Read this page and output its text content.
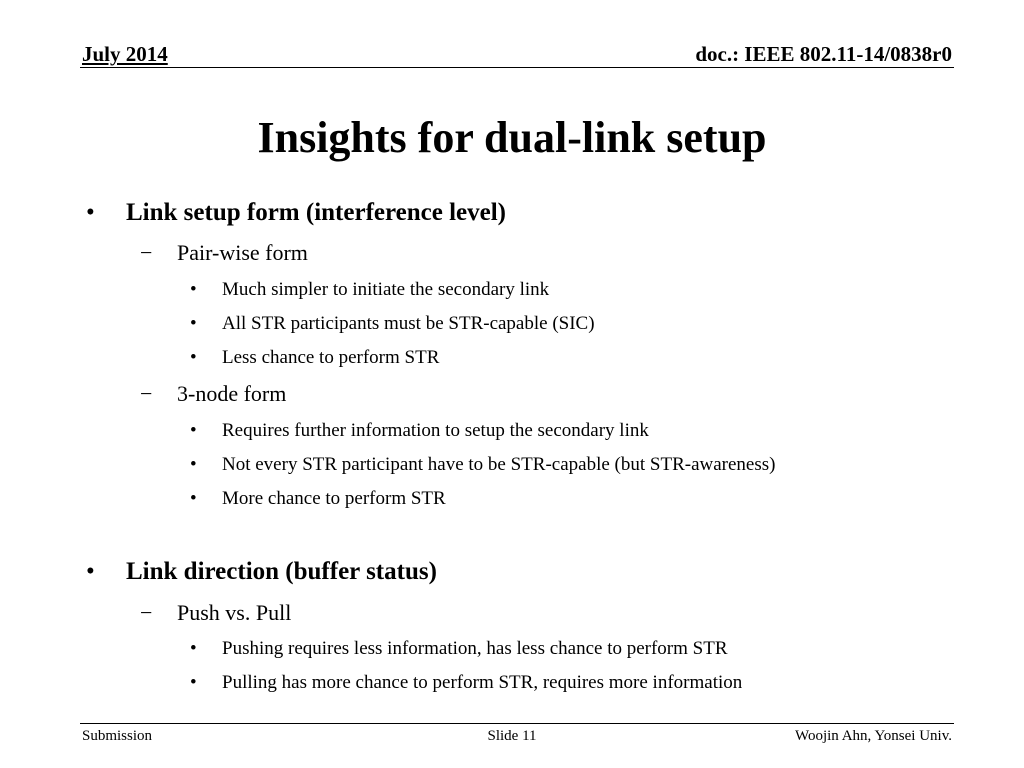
July 2014	doc.: IEEE 802.11-14/0838r0
Insights for dual-link setup
• Link setup form (interference level)
− Pair-wise form
• Much simpler to initiate the secondary link
• All STR participants must be STR-capable (SIC)
• Less chance to perform STR
− 3-node form
• Requires further information to setup the secondary link
• Not every STR participant have to be STR-capable (but STR-awareness)
• More chance to perform STR
• Link direction (buffer status)
− Push vs. Pull
• Pushing requires less information, has less chance to perform STR
• Pulling has more chance to perform STR, requires more information
Submission	Slide 11	Woojin Ahn, Yonsei Univ.
